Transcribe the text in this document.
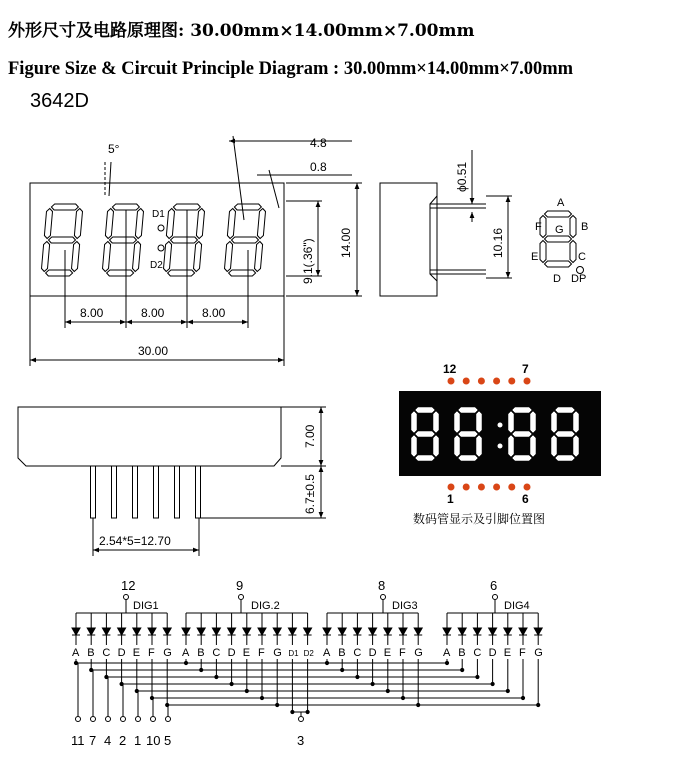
外形尺寸及电路原理图: 30.00mm×14.00mm×7.00mm
Figure Size & Circuit Principle Diagram : 30.00mm×14.00mm×7.00mm
3642D
5°	4.8
0.8
D1
D2	9.1(.36") 14.00
8.00	8.00	8.00
30.00
ϕ0.51
10.16
A
B
C
D
E
F G
DP
7.00
6.7±0.5
2.54*5=12.70
12	7
1	6
数码管显示及引脚位置图
12
DIG1
A B C D E F G
9
DIG.2
A B C D E F G D1 D2
8
DIG3
A B C D E F G
6
DIG4
A B C D E F G
11 7 4 2 1 10 5	3
